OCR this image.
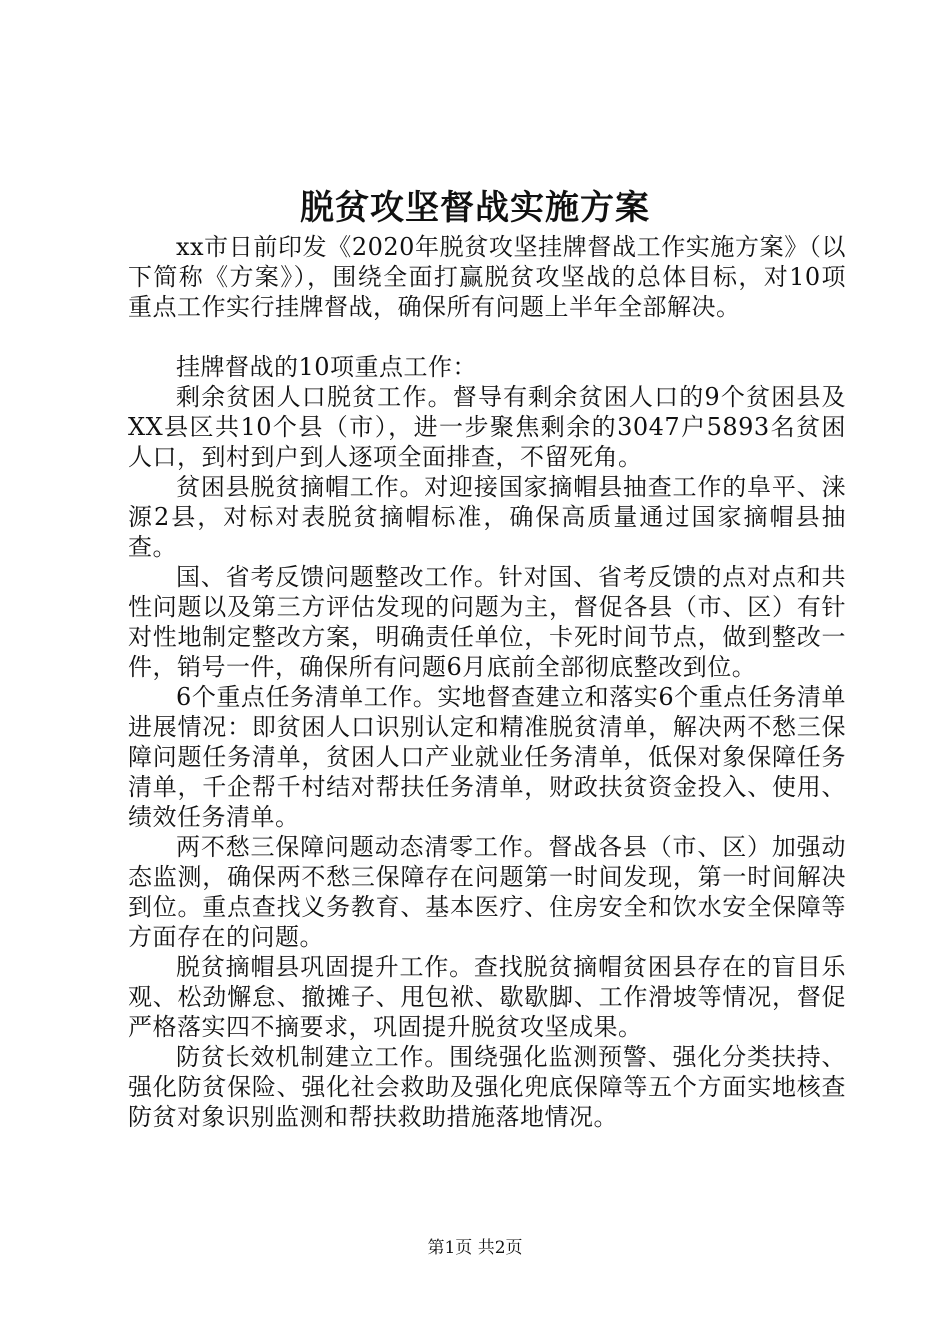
脱贫攻坚督战实施方案

xx市日前印发《2020年脱贫攻坚挂牌督战工作实施方案》（以下简称《方案》），围绕全面打赢脱贫攻坚战的总体目标，对10项重点工作实行挂牌督战，确保所有问题上半年全部解决。

挂牌督战的10项重点工作：

剩余贫困人口脱贫工作。督导有剩余贫困人口的9个贫困县及XX县区共10个县（市），进一步聚焦剩余的3047户5893名贫困人口，到村到户到人逐项全面排查，不留死角。

贫困县脱贫摘帽工作。对迎接国家摘帽县抽查工作的阜平、涞源2县，对标对表脱贫摘帽标准，确保高质量通过国家摘帽县抽查。

国、省考反馈问题整改工作。针对国、省考反馈的点对点和共性问题以及第三方评估发现的问题为主，督促各县（市、区）有针对性地制定整改方案，明确责任单位，卡死时间节点，做到整改一件，销号一件，确保所有问题6月底前全部彻底整改到位。

6个重点任务清单工作。实地督查建立和落实6个重点任务清单进展情况：即贫困人口识别认定和精准脱贫清单，解决两不愁三保障问题任务清单，贫困人口产业就业任务清单，低保对象保障任务清单，千企帮千村结对帮扶任务清单，财政扶贫资金投入、使用、绩效任务清单。

两不愁三保障问题动态清零工作。督战各县（市、区）加强动态监测，确保两不愁三保障存在问题第一时间发现，第一时间解决到位。重点查找义务教育、基本医疗、住房安全和饮水安全保障等方面存在的问题。

脱贫摘帽县巩固提升工作。查找脱贫摘帽贫困县存在的盲目乐观、松劲懈怠、撤摊子、甩包袱、歇歇脚、工作滑坡等情况，督促严格落实四不摘要求，巩固提升脱贫攻坚成果。

防贫长效机制建立工作。围绕强化监测预警、强化分类扶持、强化防贫保险、强化社会救助及强化兜底保障等五个方面实地核查防贫对象识别监测和帮扶救助措施落地情况。

第1页 共2页
